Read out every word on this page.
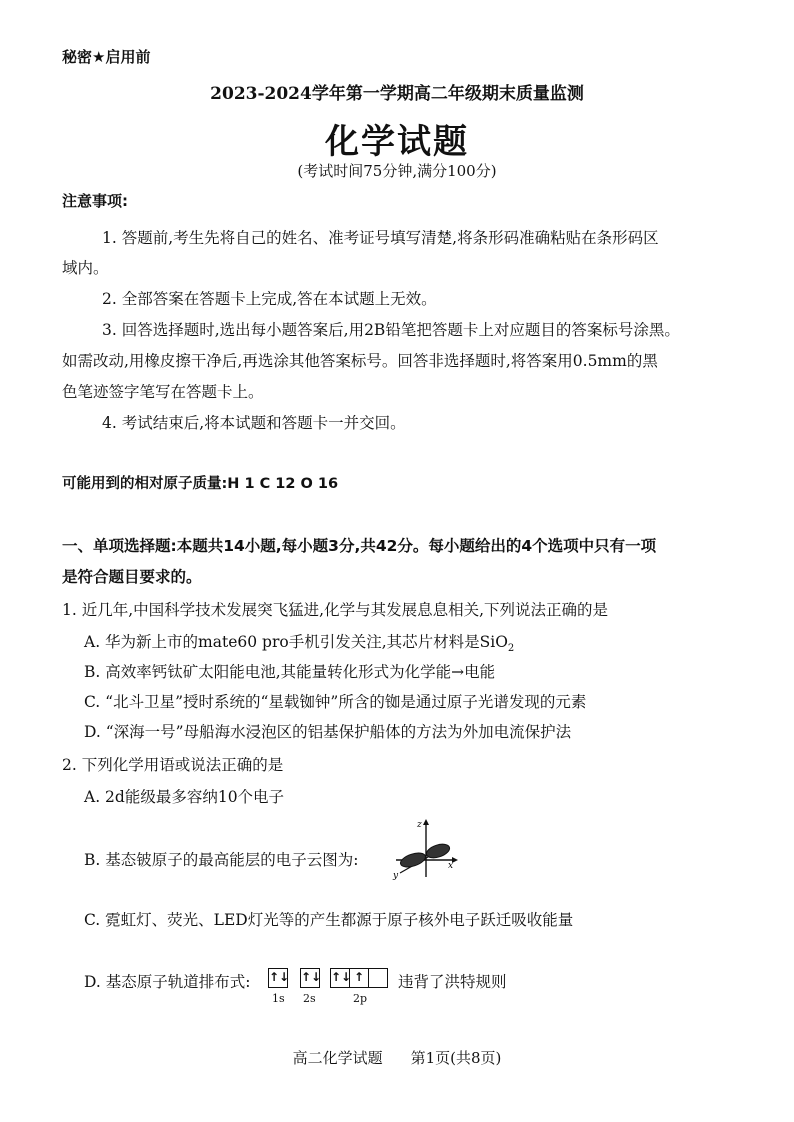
秘密★启用前
2023-2024学年第一学期高二年级期末质量监测
化学试题
(考试时间75分钟,满分100分)
注意事项:
1. 答题前,考生先将自己的姓名、准考证号填写清楚,将条形码准确粘贴在条形码区
域内。
2. 全部答案在答题卡上完成,答在本试题上无效。
3. 回答选择题时,选出每小题答案后,用2B铅笔把答题卡上对应题目的答案标号涂黑。
如需改动,用橡皮擦干净后,再选涂其他答案标号。回答非选择题时,将答案用0.5mm的黑
色笔迹签字笔写在答题卡上。
4. 考试结束后,将本试题和答题卡一并交回。
可能用到的相对原子质量:H 1 C 12 O 16
一、单项选择题:本题共14小题,每小题3分,共42分。每小题给出的4个选项中只有一项
是符合题目要求的。
1. 近几年,中国科学技术发展突飞猛进,化学与其发展息息相关,下列说法正确的是
A. 华为新上市的mate60 pro手机引发关注,其芯片材料是SiO$_2$
B. 高效率钙钛矿太阳能电池,其能量转化形式为化学能→电能
C. “北斗卫星”授时系统的“星载铷钟”所含的铷是通过原子光谱发现的元素
D. “深海一号”母船海水浸泡区的铝基保护船体的方法为外加电流保护法
2. 下列化学用语或说法正确的是
A. 2d能级最多容纳10个电子
B. 基态铍原子的最高能层的电子云图为:
z
x
y
C. 霓虹灯、荧光、LED灯光等的产生都源于原子核外电子跃迁吸收能量
D. 基态原子轨道排布式: ↑↓ ↑↓ ↑↓ ↑
1s 2s	2p
违背了洪特规则
高二化学试题 第1页(共8页)
